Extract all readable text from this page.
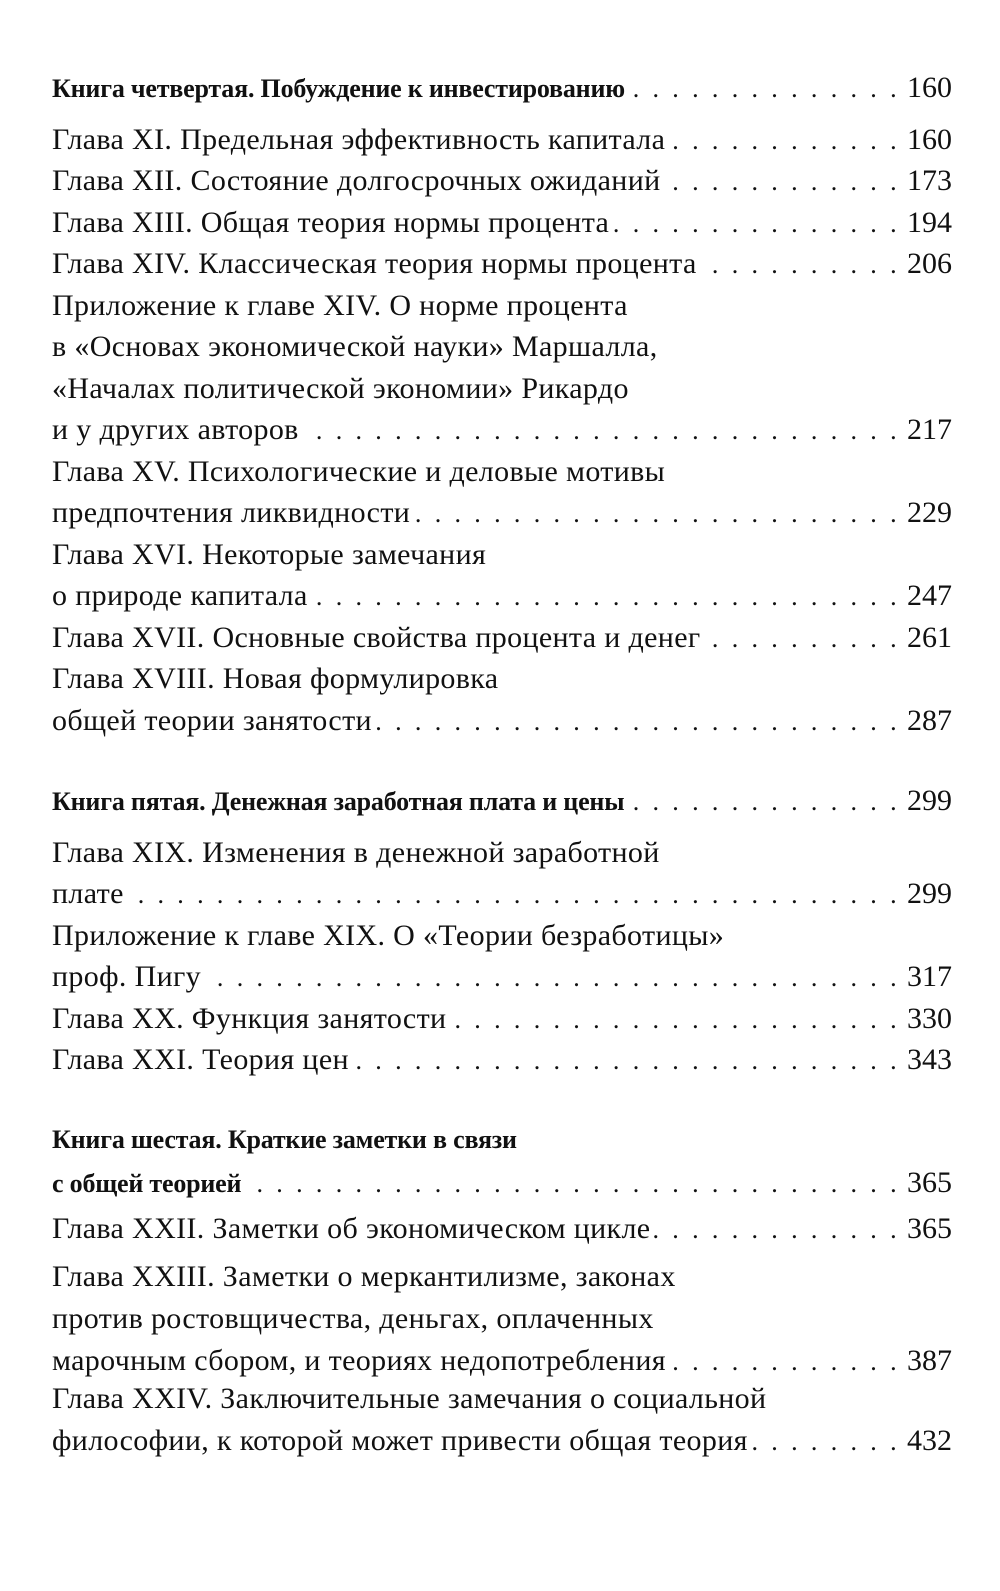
Книга четвертая. Побуждение к инвестированию . . .	160
Глава XI. Предельная эффективность капитала . . .	160
Глава XII. Состояние долгосрочных ожиданий . . .	173
Глава XIII. Общая теория нормы процента . . .	194
Глава XIV. Классическая теория нормы процента . . .	206
Приложение к главе XIV. О норме процента
в «Основах экономической науки» Маршалла,
«Началах политической экономии» Рикардо
и у других авторов . . .	217
Глава XV. Психологические и деловые мотивы
предпочтения ликвидности . . .	229
Глава XVI. Некоторые замечания
о природе капитала . . .	247
Глава XVII. Основные свойства процента и денег . . .	261
Глава XVIII. Новая формулировка
общей теории занятости . . .	287
Книга пятая. Денежная заработная плата и цены . . .	299
Глава XIX. Изменения в денежной заработной
плате . . .	299
Приложение к главе XIX. О «Теории безработицы»
проф. Пигу . . .	317
Глава XX. Функция занятости . . .	330
Глава XXI. Теория цен . . .	343
Книга шестая. Краткие заметки в связи
с общей теорией . . .	365
Глава XXII. Заметки об экономическом цикле . . .	365
Глава XXIII. Заметки о меркантилизме, законах
против ростовщичества, деньгах, оплаченных
марочным сбором, и теориях недопотребления . . .	387
Глава XXIV. Заключительные замечания о социальной
философии, к которой может привести общая теория . . .	432
